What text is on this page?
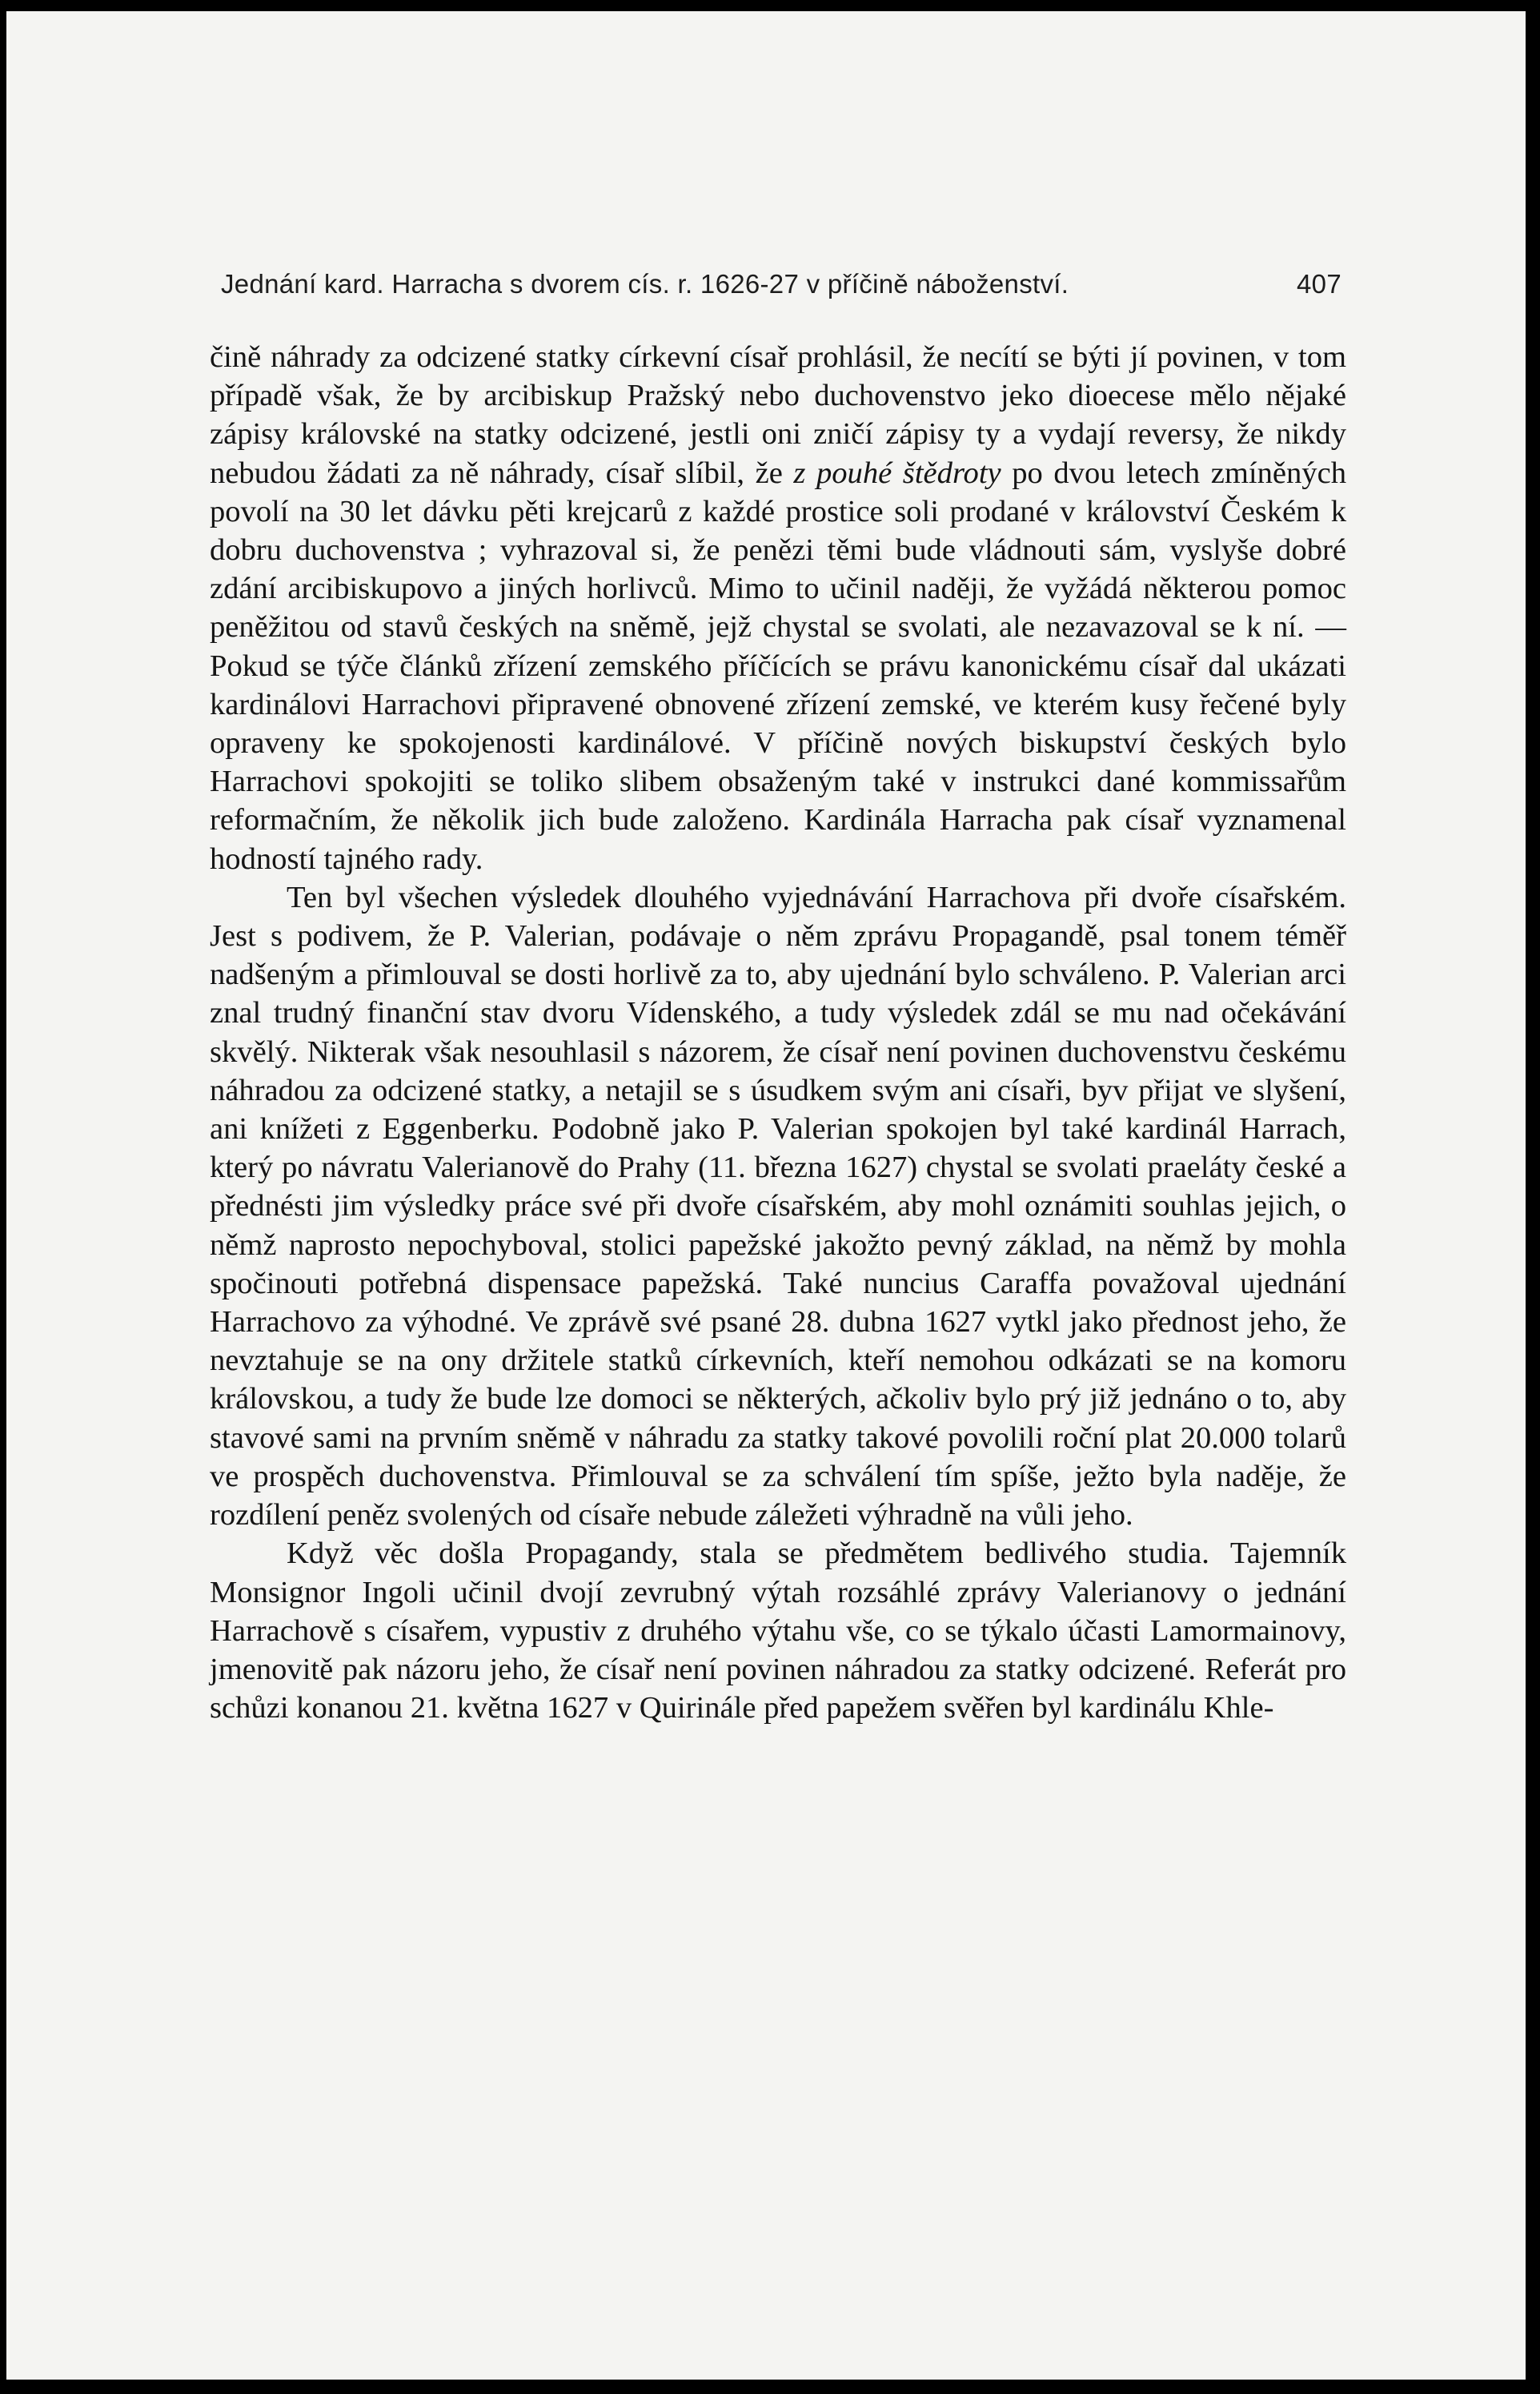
Jednání kard. Harracha s dvorem cís. r. 1626-27 v příčině náboženství.	407

čině náhrady za odcizené statky církevní císař prohlásil, že necítí se býti jí povinen, v tom případě však, že by arcibiskup Pražský nebo duchovenstvo jeko dioecese mělo nějaké zápisy královské na statky odcizené, jestli oni zničí zápisy ty a vydají reversy, že nikdy nebudou žádati za ně náhrady, císař slíbil, že z pouhé štědroty po dvou letech zmíněných povolí na 30 let dávku pěti krejcarů z každé prostice soli prodané v království Českém k dobru duchovenstva ; vyhrazoval si, že penězi těmi bude vládnouti sám, vyslyše dobré zdání arcibiskupovo a jiných horlivců. Mimo to učinil naději, že vyžádá některou pomoc peněžitou od stavů českých na sněmě, jejž chystal se svolati, ale nezavazoval se k ní. — Pokud se týče článků zřízení zemského příčících se právu kanonickému císař dal ukázati kardinálovi Harrachovi připravené obnovené zřízení zemské, ve kterém kusy řečené byly opraveny ke spokojenosti kardinálové. V příčině nových biskupství českých bylo Harrachovi spokojiti se toliko slibem obsaženým také v instrukci dané kommissařům reformačním, že několik jich bude založeno. Kardinála Harracha pak císař vyznamenal hodností tajného rady.

Ten byl všechen výsledek dlouhého vyjednávání Harrachova při dvoře císařském. Jest s podivem, že P. Valerian, podávaje o něm zprávu Propagandě, psal tonem téměř nadšeným a přimlouval se dosti horlivě za to, aby ujednání bylo schváleno. P. Valerian arci znal trudný finanční stav dvoru Vídenského, a tudy výsledek zdál se mu nad očekávání skvělý. Nikterak však nesouhlasil s názorem, že císař není povinen duchovenstvu českému náhradou za odcizené statky, a netajil se s úsudkem svým ani císaři, byv přijat ve slyšení, ani knížeti z Eggenberku. Podobně jako P. Valerian spokojen byl také kardinál Harrach, který po návratu Valerianově do Prahy (11. března 1627) chystal se svolati praeláty české a přednésti jim výsledky práce své při dvoře císařském, aby mohl oznámiti souhlas jejich, o němž naprosto nepochyboval, stolici papežské jakožto pevný základ, na němž by mohla spočinouti potřebná dispensace papežská. Také nuncius Caraffa považoval ujednání Harrachovo za výhodné. Ve zprávě své psané 28. dubna 1627 vytkl jako přednost jeho, že nevztahuje se na ony držitele statků církevních, kteří nemohou odkázati se na komoru královskou, a tudy že bude lze domoci se některých, ačkoliv bylo prý již jednáno o to, aby stavové sami na prvním sněmě v náhradu za statky takové povolili roční plat 20.000 tolarů ve prospěch duchovenstva. Přimlouval se za schválení tím spíše, ježto byla naděje, že rozdílení peněz svolených od císaře nebude záležeti výhradně na vůli jeho.

Když věc došla Propagandy, stala se předmětem bedlivého studia. Tajemník Monsignor Ingoli učinil dvojí zevrubný výtah rozsáhlé zprávy Valerianovy o jednání Harrachově s císařem, vypustiv z druhého výtahu vše, co se týkalo účasti Lamormainovy, jmenovitě pak názoru jeho, že císař není povinen náhradou za statky odcizené. Referát pro schůzi konanou 21. května 1627 v Quirinále před papežem svěřen byl kardinálu Khle-
